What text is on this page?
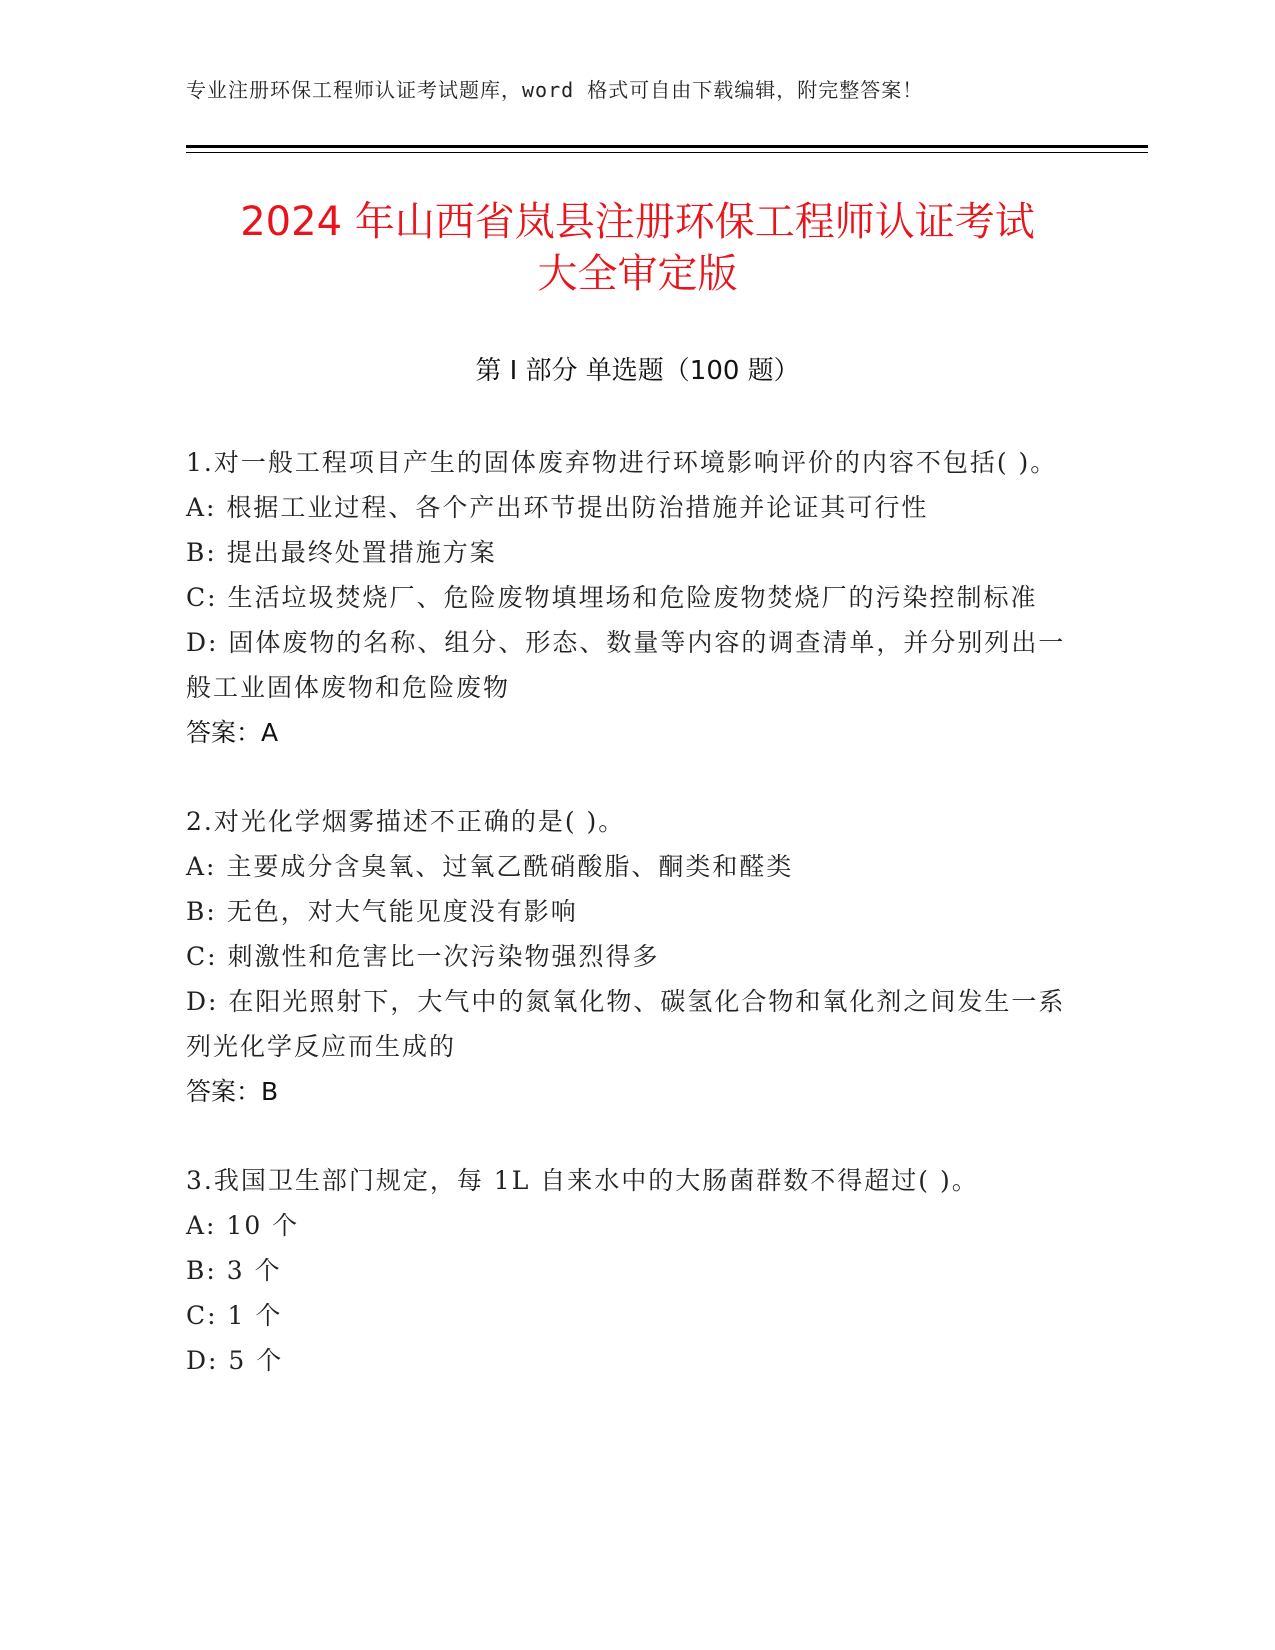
专业注册环保工程师认证考试题库，word 格式可自由下载编辑，附完整答案！
2024 年山西省岚县注册环保工程师认证考试
大全审定版
第 I 部分 单选题（100 题）

1.对一般工程项目产生的固体废弃物进行环境影响评价的内容不包括( )。

A: 根据工业过程、各个产出环节提出防治措施并论证其可行性

B: 提出最终处置措施方案

C: 生活垃圾焚烧厂、危险废物填埋场和危险废物焚烧厂的污染控制标准

D: 固体废物的名称、组分、形态、数量等内容的调查清单，并分别列出一般工业固体废物和危险废物

答案：A

2.对光化学烟雾描述不正确的是( )。

A: 主要成分含臭氧、过氧乙酰硝酸脂、酮类和醛类

B: 无色，对大气能见度没有影响

C: 刺激性和危害比一次污染物强烈得多

D: 在阳光照射下，大气中的氮氧化物、碳氢化合物和氧化剂之间发生一系列光化学反应而生成的

答案：B

3.我国卫生部门规定，每 1L 自来水中的大肠菌群数不得超过( )。

A: 10 个

B: 3 个

C: 1 个

D: 5 个
